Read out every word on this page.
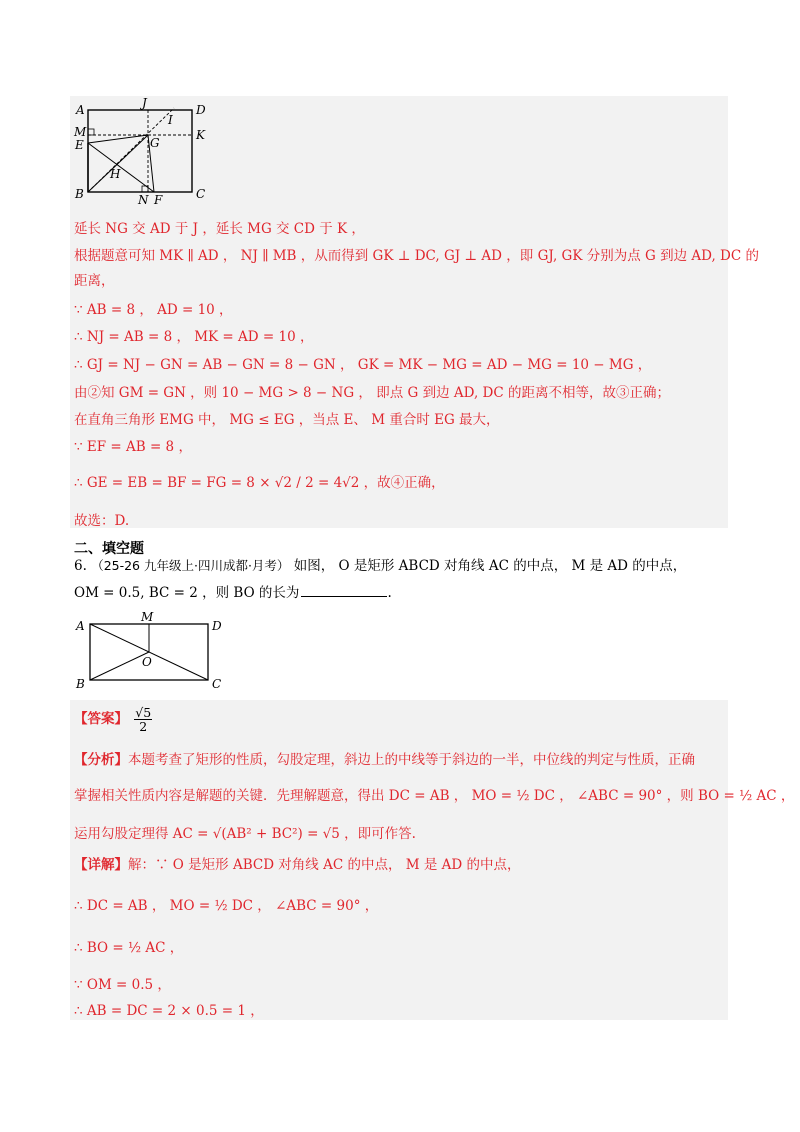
A	J	D
I
M	K
E	G
H
B	N F	C
延长 NG 交 AD 于 J ，延长 MG 交 CD 于 K ，
根据题意可知 MK ∥ AD ， NJ ∥ MB ，从而得到 GK ⊥ DC, GJ ⊥ AD ，即 GJ, GK 分别为点 G 到边 AD, DC 的
距离，
∵ AB = 8 ， AD = 10 ，
∴ NJ = AB = 8 ， MK = AD = 10 ，
∴ GJ = NJ − GN = AB − GN = 8 − GN ， GK = MK − MG = AD − MG = 10 − MG ，
由②知 GM = GN ，则 10 − MG > 8 − NG ， 即点 G 到边 AD, DC 的距离不相等，故③正确；
在直角三角形 EMG 中， MG ≤ EG ，当点 E、 M 重合时 EG 最大，
∵ EF = AB = 8 ，
∴ GE = EB = BF = FG = 8 × √2 / 2 = 4√2 ，故④正确，
故选：D.
二、填空题
6. （25-26 九年级上·四川成都·月考） 如图， O 是矩形 ABCD 对角线 AC 的中点， M 是 AD 的中点，
OM = 0.5, BC = 2 ，则 BO 的长为	.
A
M
D
O
B	C
【答案】 $\frac{√5}{2}$
【分析】本题考查了矩形的性质，勾股定理，斜边上的中线等于斜边的一半，中位线的判定与性质，正确
掌握相关性质内容是解题的关键．先理解题意，得出 DC = AB ， MO = ½ DC ， ∠ABC = 90° ，则 BO = ½ AC ，
运用勾股定理得 AC = √(AB² + BC²) = √5 ，即可作答.
【详解】解：∵ O 是矩形 ABCD 对角线 AC 的中点， M 是 AD 的中点，
∴ DC = AB ， MO = ½ DC ， ∠ABC = 90° ，
∴ BO = ½ AC ，
∵ OM = 0.5 ，
∴ AB = DC = 2 × 0.5 = 1 ，
